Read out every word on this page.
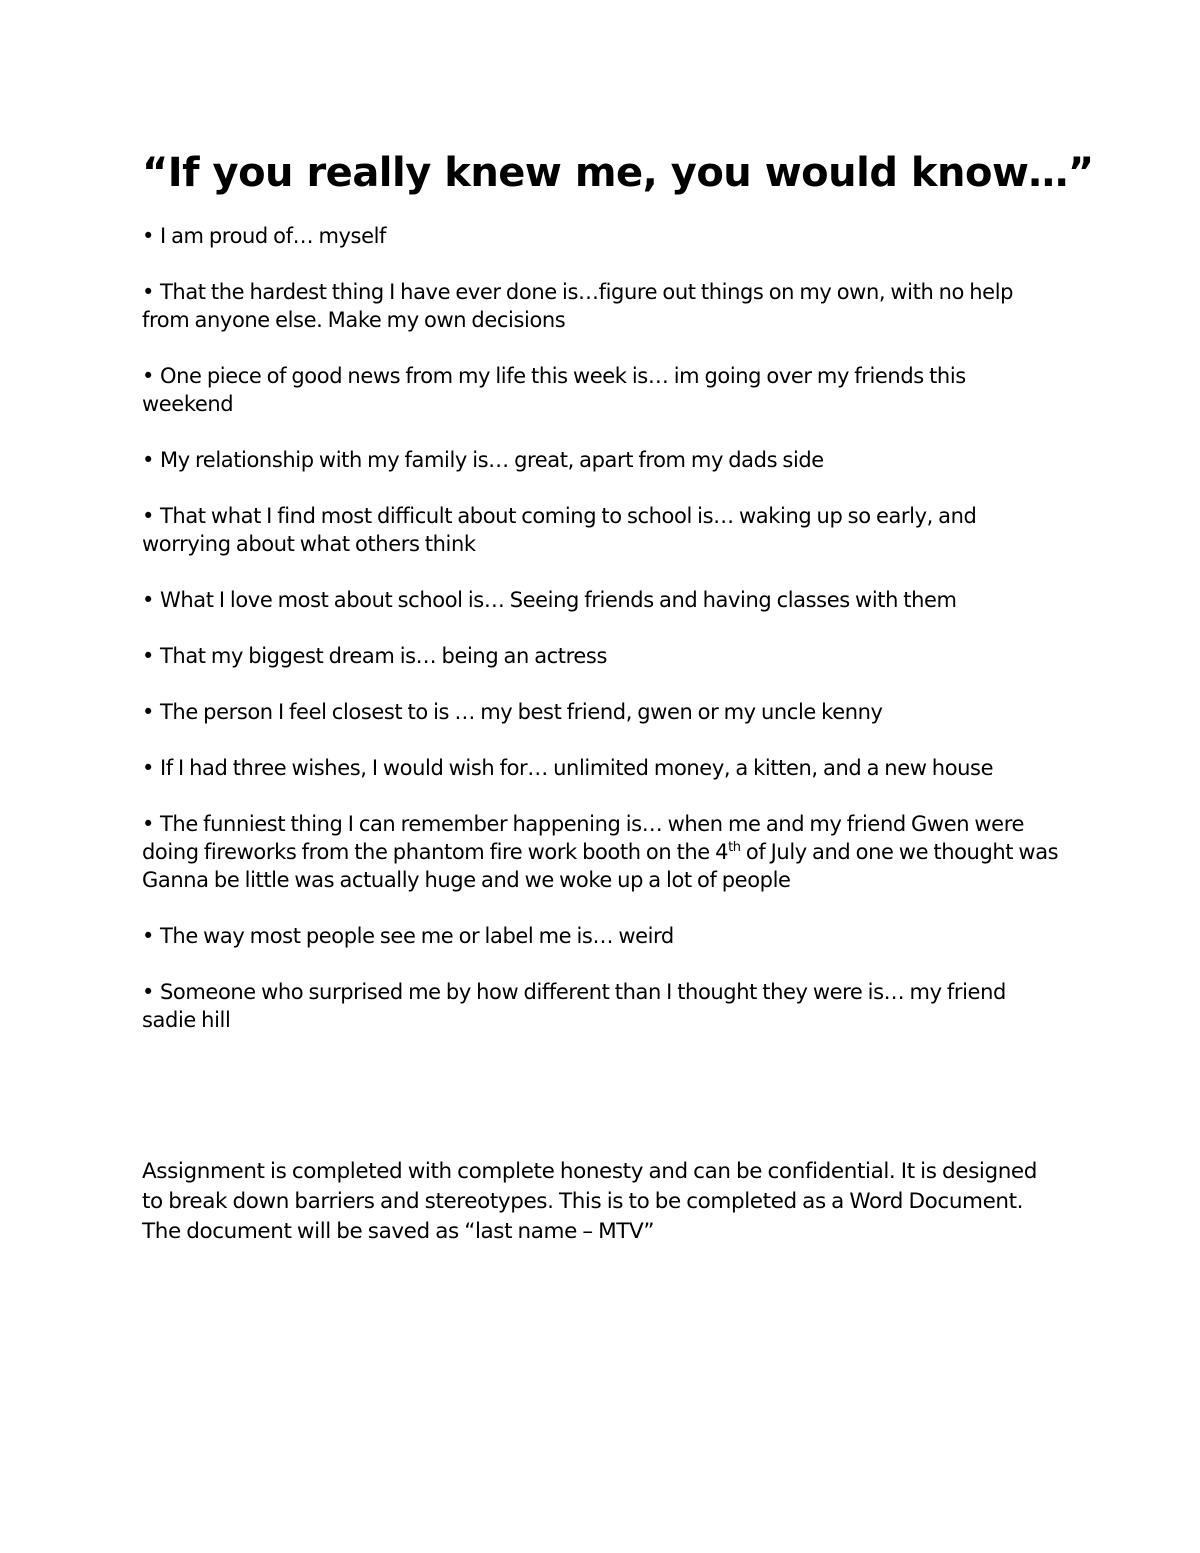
“If you really knew me, you would know…”
• I am proud of… myself
• That the hardest thing I have ever done is…figure out things on my own, with no help from anyone else. Make my own decisions
• One piece of good news from my life this week is… im going over my friends this weekend
• My relationship with my family is… great, apart from my dads side
• That what I find most difficult about coming to school is… waking up so early, and worrying about what others think
• What I love most about school is… Seeing friends and having classes with them
• That my biggest dream is… being an actress
• The person I feel closest to is … my best friend, gwen or my uncle kenny
• If I had three wishes, I would wish for… unlimited money, a kitten, and a new house
• The funniest thing I can remember happening is… when me and my friend Gwen were doing fireworks from the phantom fire work booth on the 4th of July and one we thought was Ganna be little was actually huge and we woke up a lot of people
• The way most people see me or label me is… weird
• Someone who surprised me by how different than I thought they were is… my friend sadie hill

Assignment is completed with complete honesty and can be confidential. It is designed to break down barriers and stereotypes. This is to be completed as a Word Document. The document will be saved as “last name – MTV”
